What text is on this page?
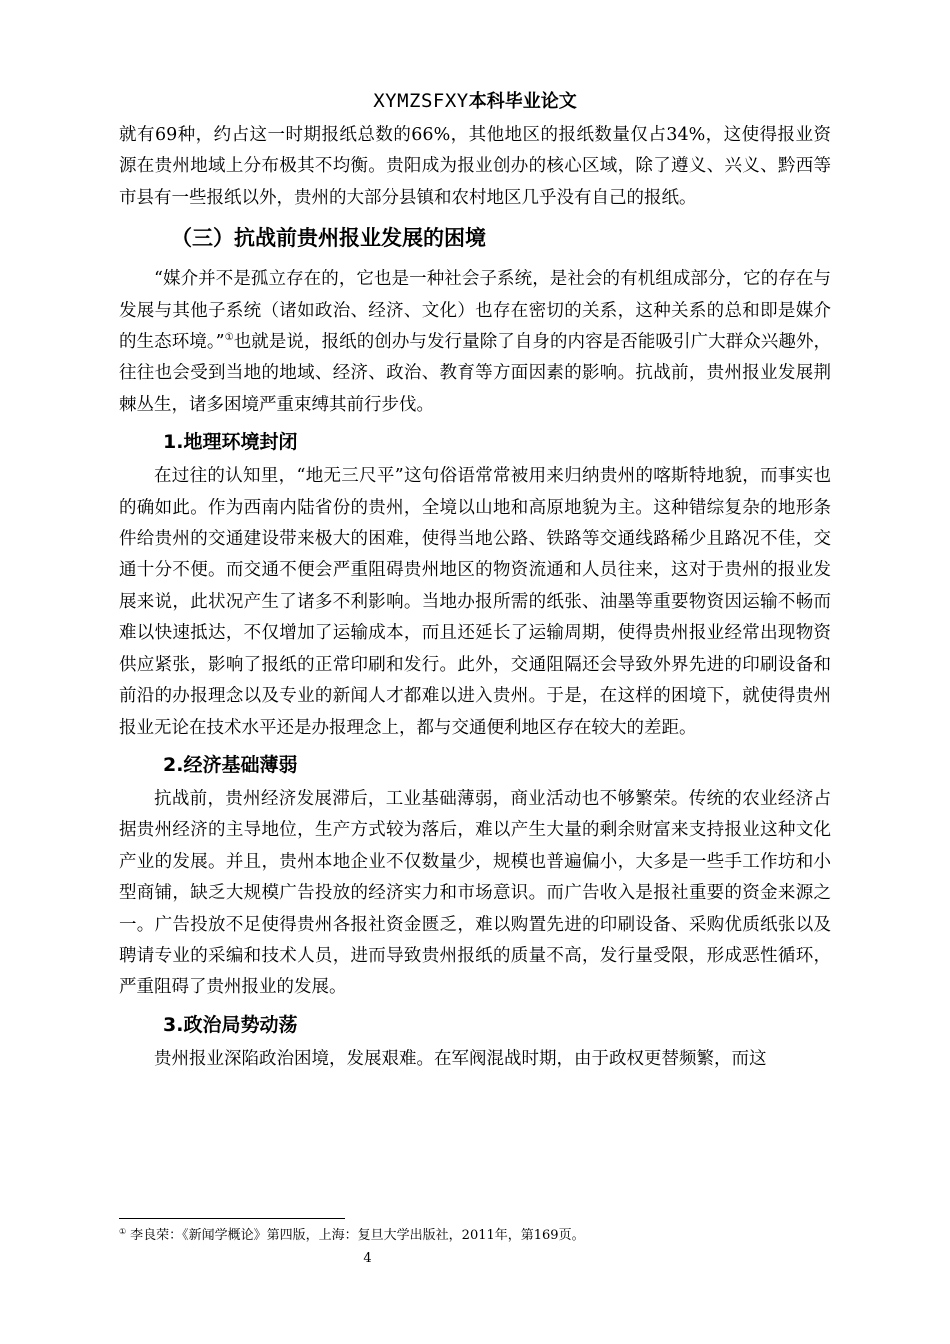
XYMZSFXY本科毕业论文

就有69种，约占这一时期报纸总数的66%，其他地区的报纸数量仅占34%，这使得报业资源在贵州地域上分布极其不均衡。贵阳成为报业创办的核心区域，除了遵义、兴义、黔西等市县有一些报纸以外，贵州的大部分县镇和农村地区几乎没有自己的报纸。

（三）抗战前贵州报业发展的困境

“媒介并不是孤立存在的，它也是一种社会子系统，是社会的有机组成部分，它的存在与发展与其他子系统（诸如政治、经济、文化）也存在密切的关系，这种关系的总和即是媒介的生态环境。”①也就是说，报纸的创办与发行量除了自身的内容是否能吸引广大群众兴趣外，往往也会受到当地的地域、经济、政治、教育等方面因素的影响。抗战前，贵州报业发展荆棘丛生，诸多困境严重束缚其前行步伐。

1.地理环境封闭

在过往的认知里，“地无三尺平”这句俗语常常被用来归纳贵州的喀斯特地貌，而事实也的确如此。作为西南内陆省份的贵州，全境以山地和高原地貌为主。这种错综复杂的地形条件给贵州的交通建设带来极大的困难，使得当地公路、铁路等交通线路稀少且路况不佳，交通十分不便。而交通不便会严重阻碍贵州地区的物资流通和人员往来，这对于贵州的报业发展来说，此状况产生了诸多不利影响。当地办报所需的纸张、油墨等重要物资因运输不畅而难以快速抵达，不仅增加了运输成本，而且还延长了运输周期，使得贵州报业经常出现物资供应紧张，影响了报纸的正常印刷和发行。此外，交通阻隔还会导致外界先进的印刷设备和前沿的办报理念以及专业的新闻人才都难以进入贵州。于是，在这样的困境下，就使得贵州报业无论在技术水平还是办报理念上，都与交通便利地区存在较大的差距。

2.经济基础薄弱

抗战前，贵州经济发展滞后，工业基础薄弱，商业活动也不够繁荣。传统的农业经济占据贵州经济的主导地位，生产方式较为落后，难以产生大量的剩余财富来支持报业这种文化产业的发展。并且，贵州本地企业不仅数量少，规模也普遍偏小，大多是一些手工作坊和小型商铺，缺乏大规模广告投放的经济实力和市场意识。而广告收入是报社重要的资金来源之一。广告投放不足使得贵州各报社资金匮乏，难以购置先进的印刷设备、采购优质纸张以及聘请专业的采编和技术人员，进而导致贵州报纸的质量不高，发行量受限，形成恶性循环，严重阻碍了贵州报业的发展。

3.政治局势动荡

贵州报业深陷政治困境，发展艰难。在军阀混战时期，由于政权更替频繁，而这

① 李良荣：《新闻学概论》第四版，上海：复旦大学出版社，2011年，第169页。
4
